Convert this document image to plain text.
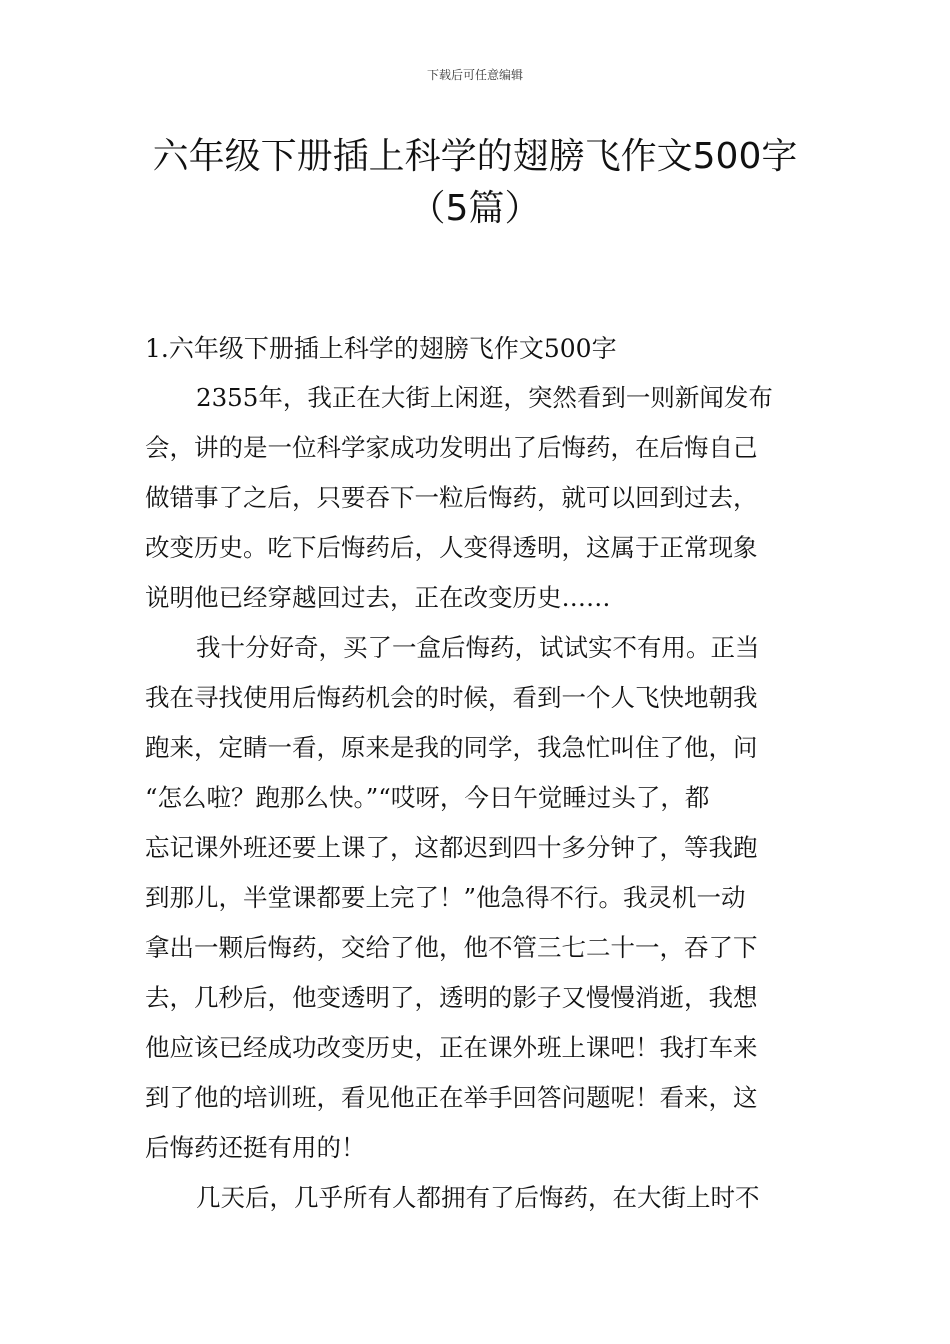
下载后可任意编辑
六年级下册插上科学的翅膀飞作文500字
（5篇）
1.六年级下册插上科学的翅膀飞作文500字
2355年，我正在大街上闲逛，突然看到一则新闻发布
会，讲的是一位科学家成功发明出了后悔药，在后悔自己
做错事了之后，只要吞下一粒后悔药，就可以回到过去，
改变历史。吃下后悔药后，人变得透明，这属于正常现象
说明他已经穿越回过去，正在改变历史……
我十分好奇，买了一盒后悔药，试试实不有用。正当
我在寻找使用后悔药机会的时候，看到一个人飞快地朝我
跑来，定睛一看，原来是我的同学，我急忙叫住了他，问
“怎么啦？跑那么快。”“哎呀，今日午觉睡过头了，都
忘记课外班还要上课了，这都迟到四十多分钟了，等我跑
到那儿，半堂课都要上完了！”他急得不行。我灵机一动
拿出一颗后悔药，交给了他，他不管三七二十一，吞了下
去，几秒后，他变透明了，透明的影子又慢慢消逝，我想
他应该已经成功改变历史，正在课外班上课吧！我打车来
到了他的培训班，看见他正在举手回答问题呢！看来，这
后悔药还挺有用的！
几天后，几乎所有人都拥有了后悔药，在大街上时不
